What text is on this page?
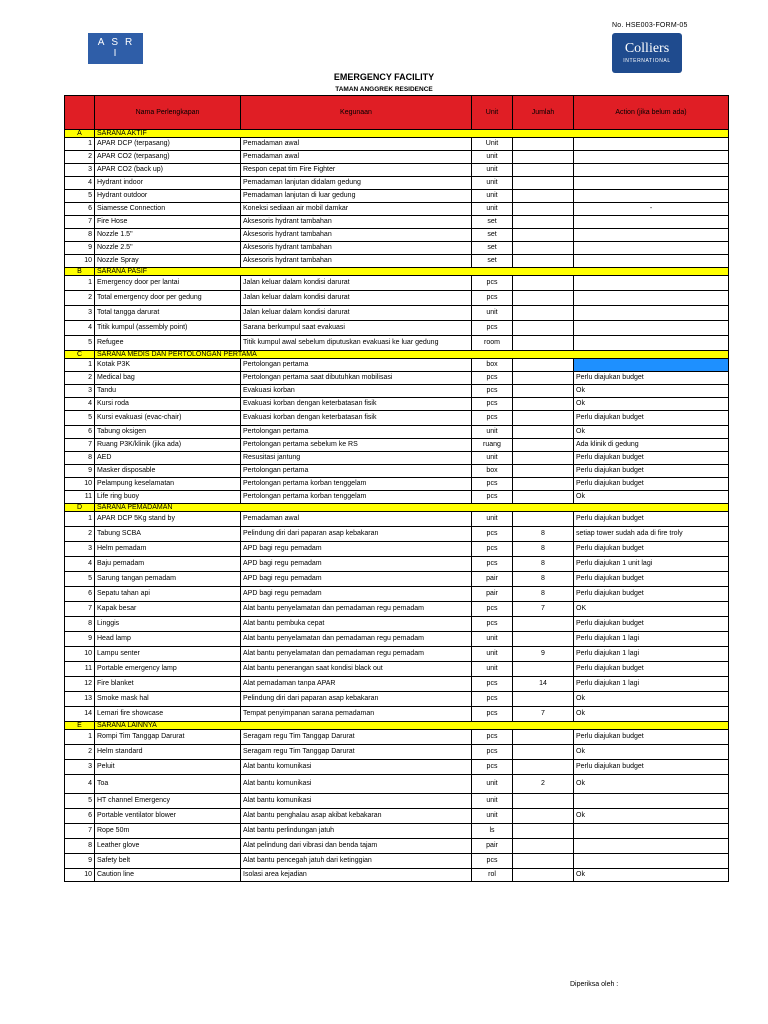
No. HSE003-FORM-05
ASR
I	Colliers
INTERNATIONAL
EMERGENCY FACILITY
TAMAN ANGGREK RESIDENCE
	Nama Perlengkapan	Kegunaan	Unit	Jumlah	Action (jika belum ada)
A	SARANA AKTIF				
1	APAR DCP (terpasang)	Pemadaman awal	Unit		
2	APAR CO2 (terpasang)	Pemadaman awal	unit		
3	APAR CO2 (back up)	Respon cepat tim Fire Fighter	unit		
4	Hydrant indoor	Pemadaman lanjutan didalam gedung	unit		
5	Hydrant outdoor	Pemadaman lanjutan di luar gedung	unit		
6	Siamesse Connection	Koneksi sediaan air mobil damkar	unit		-
7	Fire Hose	Aksesoris hydrant tambahan	set		
8	Nozzle 1.5"	Aksesoris hydrant tambahan	set		
9	Nozzle 2.5"	Aksesoris hydrant tambahan	set		
10	Nozzle Spray	Aksesoris hydrant tambahan	set		
B	SARANA PASIF				
1	Emergency door per lantai	Jalan keluar dalam kondisi darurat	pcs		
2	Total emergency door per gedung	Jalan keluar dalam kondisi darurat	pcs		
3	Total tangga darurat	Jalan keluar dalam kondisi darurat	unit		
4	Titik kumpul (assembly point)	Sarana berkumpul saat evakuasi	pcs		
5	Refugee	Titik kumpul awal sebelum diputuskan evakuasi ke luar gedung	room		
C	SARANA MEDIS DAN PERTOLONGAN PERTAMA				
1	Kotak P3K	Pertolongan pertama	box		
2	Medical bag	Pertolongan pertama saat dibutuhkan mobilisasi	pcs		Perlu diajukan budget
3	Tandu	Evakuasi korban	pcs		Ok
4	Kursi roda	Evakuasi korban dengan keterbatasan fisik	pcs		Ok
5	Kursi evakuasi (evac-chair)	Evakuasi korban dengan keterbatasan fisik	pcs		Perlu diajukan budget
6	Tabung oksigen	Pertolongan pertama	unit		Ok
7	Ruang P3K/klinik (jika ada)	Pertolongan pertama sebelum ke RS	ruang		Ada klinik di gedung
8	AED	Resusitasi jantung	unit		Perlu diajukan budget
9	Masker disposable	Pertolongan pertama	box		Perlu diajukan budget
10	Pelampung keselamatan	Pertolongan pertama korban tenggelam	pcs		Perlu diajukan budget
11	Life ring buoy	Pertolongan pertama korban tenggelam	pcs		Ok
D	SARANA PEMADAMAN				
1	APAR DCP 5Kg stand by	Pemadaman awal	unit		Perlu diajukan budget
2	Tabung SCBA	Pelindung diri dari paparan asap kebakaran	pcs	8	setiap tower sudah ada di fire troly
3	Helm pemadam	APD bagi regu pemadam	pcs	8	Perlu diajukan budget
4	Baju pemadam	APD bagi regu pemadam	pcs	8	Perlu diajukan 1 unit lagi
5	Sarung tangan pemadam	APD bagi regu pemadam	pair	8	Perlu diajukan budget
6	Sepatu tahan api	APD bagi regu pemadam	pair	8	Perlu diajukan budget
7	Kapak besar	Alat bantu penyelamatan dan pemadaman regu pemadam	pcs	7	OK
8	Linggis	Alat bantu pembuka cepat	pcs		Perlu diajukan budget
9	Head lamp	Alat bantu penyelamatan dan pemadaman regu pemadam	unit		Perlu diajukan 1 lagi
10	Lampu senter	Alat bantu penyelamatan dan pemadaman regu pemadam	unit	9	Perlu diajukan 1 lagi
11	Portable emergency lamp	Alat bantu penerangan saat kondisi black out	unit		Perlu diajukan budget
12	Fire blanket	Alat pemadaman tanpa APAR	pcs	14	Perlu diajukan 1 lagi
13	Smoke mask hal	Pelindung diri dari paparan asap kebakaran	pcs		Ok
14	Lemari fire showcase	Tempat penyimpanan sarana pemadaman	pcs	7	Ok
E	SARANA LAINNYA				
1	Rompi Tim Tanggap Darurat	Seragam regu Tim Tanggap Darurat	pcs		Perlu diajukan budget
2	Helm standard	Seragam regu Tim Tanggap Darurat	pcs		Ok
3	Peluit	Alat bantu komunikasi	pcs		Perlu diajukan budget
4	Toa	Alat bantu komunikasi	unit	2	Ok
5	HT channel Emergency	Alat bantu komunikasi	unit		
6	Portable ventilator blower	Alat bantu penghalau asap akibat kebakaran	unit		Ok
7	Rope 50m	Alat bantu perlindungan jatuh	ls		
8	Leather glove	Alat pelindung dari vibrasi dan benda tajam	pair		
9	Safety belt	Alat bantu pencegah jatuh dari ketinggian	pcs		
10	Caution line	Isolasi area kejadian	rol		Ok
Diperiksa oleh :
